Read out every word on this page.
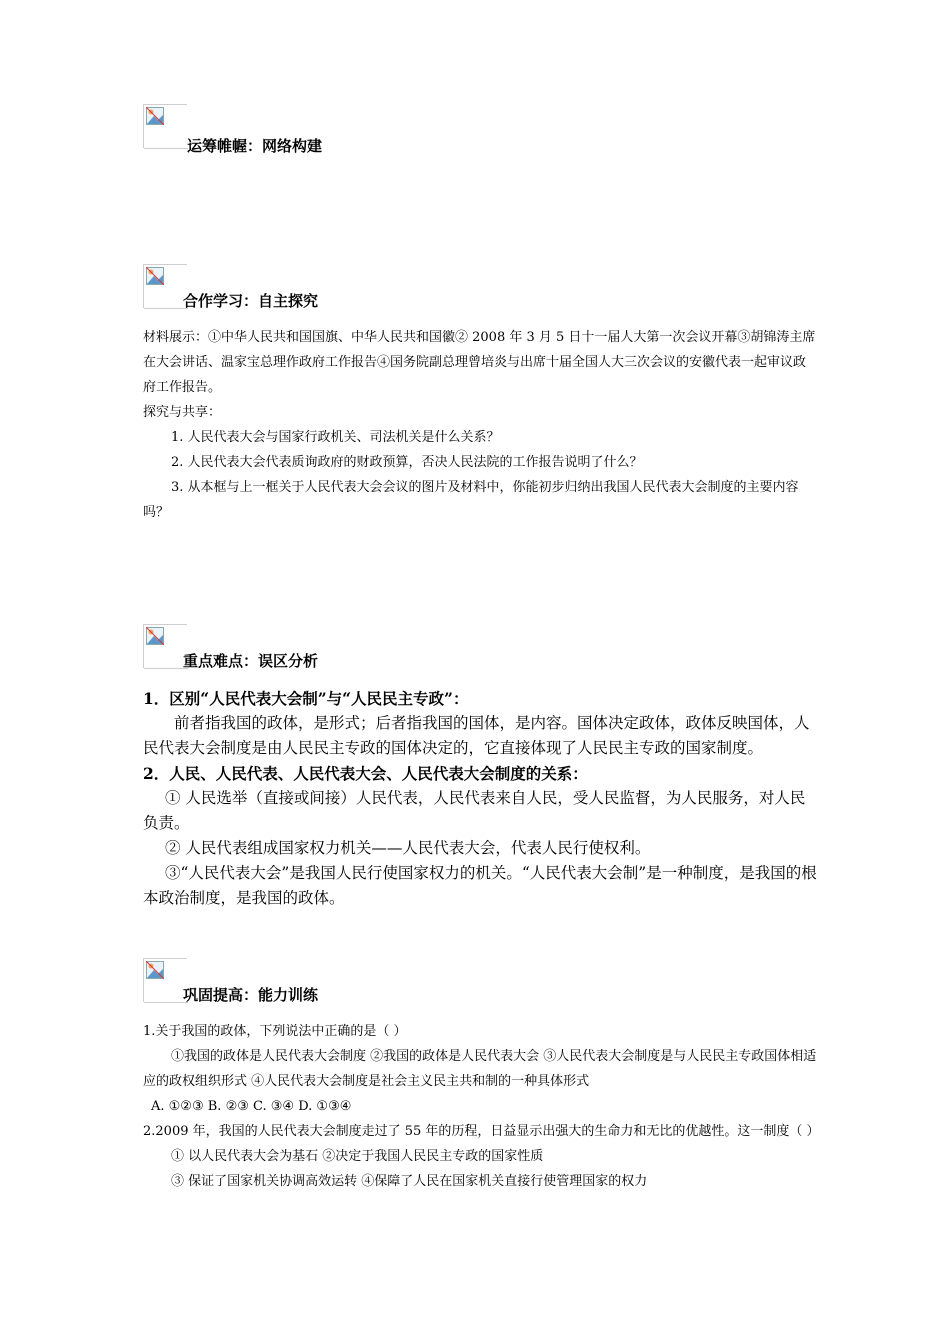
运筹帷幄：网络构建
合作学习：自主探究

材料展示：①中华人民共和国国旗、中华人民共和国徽② 2008 年 3 月 5 日十一届人大第一次会议开幕③胡锦涛主席在大会讲话、温家宝总理作政府工作报告④国务院副总理曾培炎与出席十届全国人大三次会议的安徽代表一起审议政府工作报告。

探究与共享：

1. 人民代表大会与国家行政机关、司法机关是什么关系？

2. 人民代表大会代表质询政府的财政预算，否决人民法院的工作报告说明了什么？

3. 从本框与上一框关于人民代表大会会议的图片及材料中，你能初步归纳出我国人民代表大会制度的主要内容吗？

重点难点：误区分析

1．区别“人民代表大会制”与“人民民主专政”：

前者指我国的政体，是形式；后者指我国的国体，是内容。国体决定政体，政体反映国体，人民代表大会制度是由人民民主专政的国体决定的，它直接体现了人民民主专政的国家制度。

2．人民、人民代表、人民代表大会、人民代表大会制度的关系：

① 人民选举（直接或间接）人民代表，人民代表来自人民，受人民监督，为人民服务，对人民负责。

② 人民代表组成国家权力机关——人民代表大会，代表人民行使权利。

③“人民代表大会”是我国人民行使国家权力的机关。“人民代表大会制”是一种制度，是我国的根本政治制度，是我国的政体。

巩固提高：能力训练

1.关于我国的政体，下列说法中正确的是（ ）

①我国的政体是人民代表大会制度 ②我国的政体是人民代表大会 ③人民代表大会制度是与人民民主专政国体相适应的政权组织形式 ④人民代表大会制度是社会主义民主共和制的一种具体形式

A. ①②③ B. ②③ C. ③④ D. ①③④

2.2009 年，我国的人民代表大会制度走过了 55 年的历程，日益显示出强大的生命力和无比的优越性。这一制度（ ）

① 以人民代表大会为基石 ②决定于我国人民民主专政的国家性质

③ 保证了国家机关协调高效运转 ④保障了人民在国家机关直接行使管理国家的权力
